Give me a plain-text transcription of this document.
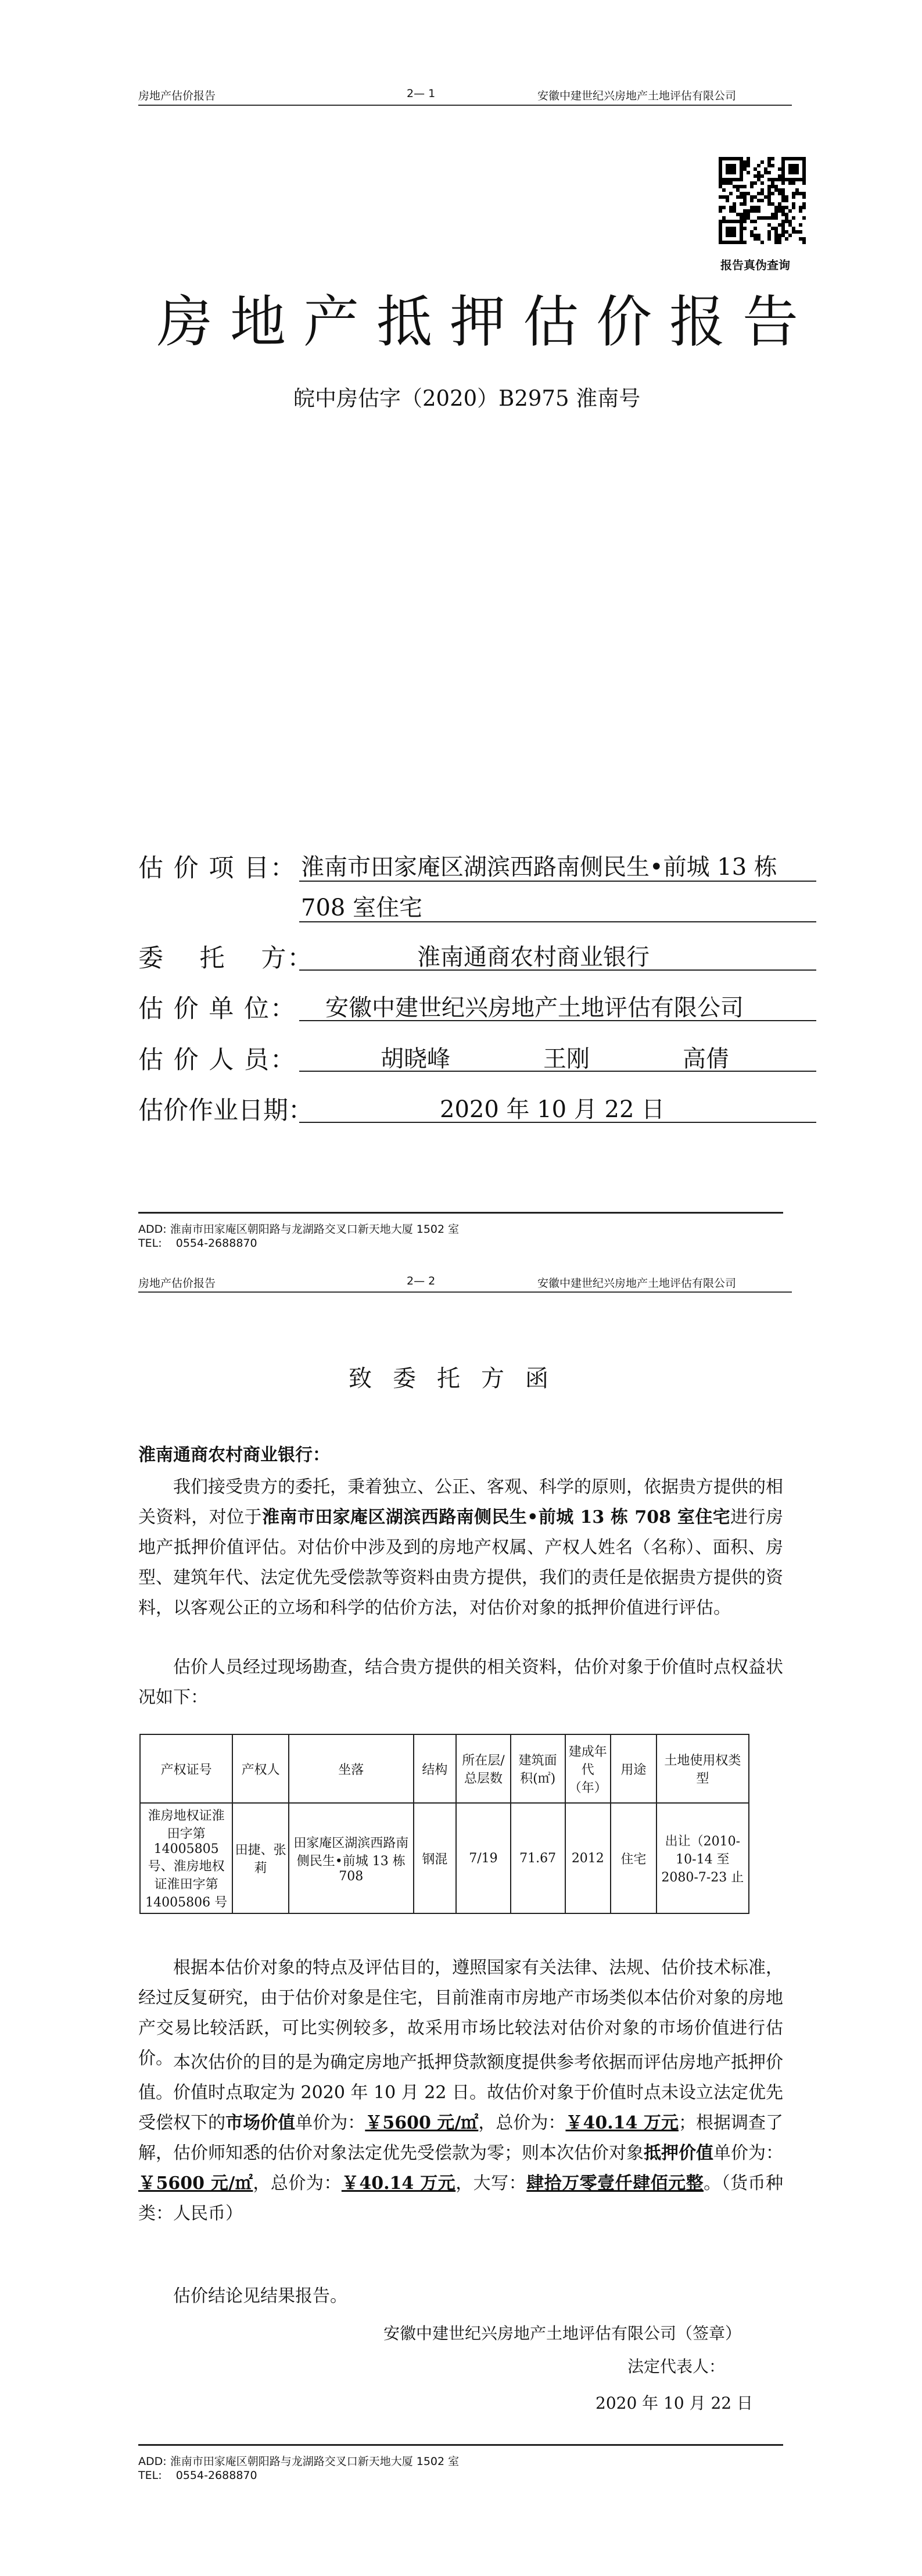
房地产估价报告	2— 1	安徽中建世纪兴房地产土地评估有限公司
报告真伪查询
房地产抵押估价报告
皖中房估字（2020）B2975 淮南号
估 价 项 目： 淮南市田家庵区湖滨西路南侧民生•前城 13 栋
708 室住宅
委　 托　 方：	淮南通商农村商业银行
估 价 单 位： 安徽中建世纪兴房地产土地评估有限公司
估 价 人 员：	胡晓峰　　　　王刚　　　　高倩
估价作业日期：	2020 年 10 月 22 日
ADD: 淮南市田家庵区朝阳路与龙湖路交叉口新天地大厦 1502 室
TEL:    0554-2688870
房地产估价报告	2— 2	安徽中建世纪兴房地产土地评估有限公司
致委托方函
淮南通商农村商业银行：
我们接受贵方的委托，秉着独立、公正、客观、科学的原则，依据贵方提供的相关资料，对位于淮南市田家庵区湖滨西路南侧民生•前城 13 栋 708 室住宅进行房地产抵押价值评估。对估价中涉及到的房地产权属、产权人姓名（名称）、面积、房型、建筑年代、法定优先受偿款等资料由贵方提供，我们的责任是依据贵方提供的资料，以客观公正的立场和科学的估价方法，对估价对象的抵押价值进行评估。
估价人员经过现场勘查，结合贵方提供的相关资料，估价对象于价值时点权益状况如下：
产权证号	产权人	坐落	结构	所在层/总层数	建筑面积(㎡)	建成年代（年）	用途	土地使用权类型
淮房地权证淮田字第 14005805 号、淮房地权证淮田字第 14005806 号	田捷、张莉	田家庵区湖滨西路南侧民生•前城 13 栋 708	钢混	7/19	71.67	2012	住宅	出让（2010-10-14 至 2080-7-23 止
根据本估价对象的特点及评估目的，遵照国家有关法律、法规、估价技术标准，经过反复研究，由于估价对象是住宅，目前淮南市房地产市场类似本估价对象的房地产交易比较活跃，可比实例较多，故采用市场比较法对估价对象的市场价值进行估价。 本次估价的目的是为确定房地产抵押贷款额度提供参考依据而评估房地产抵押价值。价值时点取定为 2020 年 10 月 22 日。故估价对象于价值时点未设立法定优先受偿权下的市场价值单价为：￥5600 元/㎡，总价为：￥40.14 万元；根据调查了解，估价师知悉的估价对象法定优先受偿款为零；则本次估价对象抵押价值单价为：￥5600 元/㎡，总价为：￥40.14 万元，大写：肆拾万零壹仟肆佰元整。（货币种类：人民币）
估价结论见结果报告。
安徽中建世纪兴房地产土地评估有限公司（签章）
法定代表人：
2020 年 10 月 22 日
ADD: 淮南市田家庵区朝阳路与龙湖路交叉口新天地大厦 1502 室
TEL:    0554-2688870
